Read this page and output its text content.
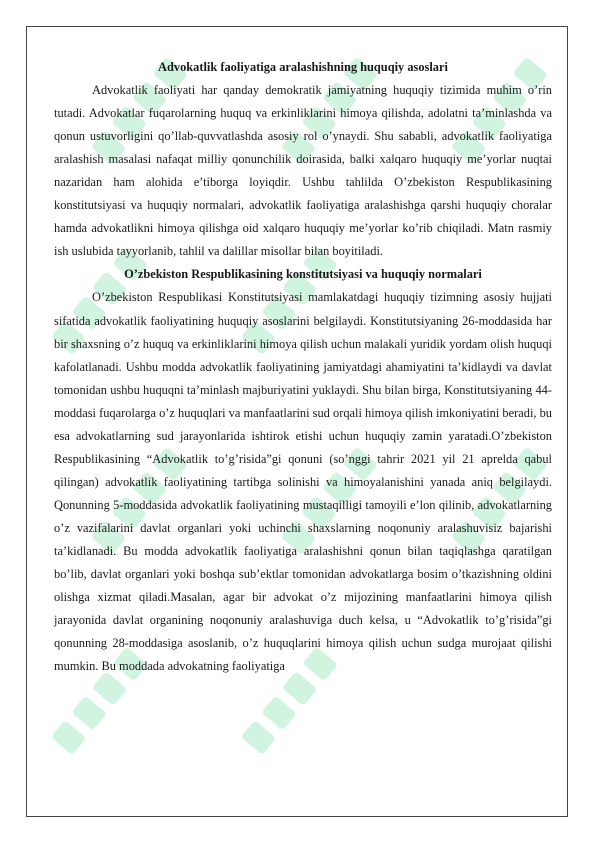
Advokatlik faoliyatiga aralashishning huquqiy asoslari

Advokatlik faoliyati har qanday demokratik jamiyatning huquqiy tizimida muhim o’rin tutadi. Advokatlar fuqarolarning huquq va erkinliklarini himoya qilishda, adolatni ta’minlashda va qonun ustuvorligini qo’llab-quvvatlashda asosiy rol o’ynaydi. Shu sababli, advokatlik faoliyatiga aralashish masalasi nafaqat milliy qonunchilik doirasida, balki xalqaro huquqiy me’yorlar nuqtai nazaridan ham alohida e’tiborga loyiqdir. Ushbu tahlilda O’zbekiston Respublikasining konstitutsiyasi va huquqiy normalari, advokatlik faoliyatiga aralashishga qarshi huquqiy choralar hamda advokatlikni himoya qilishga oid xalqaro huquqiy me’yorlar ko’rib chiqiladi. Matn rasmiy ish uslubida tayyorlanib, tahlil va dalillar misollar bilan boyitiladi.

O’zbekiston Respublikasining konstitutsiyasi va huquqiy normalari

O’zbekiston Respublikasi Konstitutsiyasi mamlakatdagi huquqiy tizimning asosiy hujjati sifatida advokatlik faoliyatining huquqiy asoslarini belgilaydi. Konstitutsiyaning 26-moddasida har bir shaxsning o’z huquq va erkinliklarini himoya qilish uchun malakali yuridik yordam olish huquqi kafolatlanadi. Ushbu modda advokatlik faoliyatining jamiyatdagi ahamiyatini ta’kidlaydi va davlat tomonidan ushbu huquqni ta’minlash majburiyatini yuklaydi. Shu bilan birga, Konstitutsiyaning 44-moddasi fuqarolarga o’z huquqlari va manfaatlarini sud orqali himoya qilish imkoniyatini beradi, bu esa advokatlarning sud jarayonlarida ishtirok etishi uchun huquqiy zamin yaratadi.O’zbekiston Respublikasining “Advokatlik to’g’risida”gi qonuni (so’nggi tahrir 2021 yil 21 aprelda qabul qilingan) advokatlik faoliyatining tartibga solinishi va himoyalanishini yanada aniq belgilaydi. Qonunning 5-moddasida advokatlik faoliyatining mustaqilligi tamoyili e’lon qilinib, advokatlarning o’z vazifalarini davlat organlari yoki uchinchi shaxslarning noqonuniy aralashuvisiz bajarishi ta’kidlanadi. Bu modda advokatlik faoliyatiga aralashishni qonun bilan taqiqlashga qaratilgan bo’lib, davlat organlari yoki boshqa sub’ektlar tomonidan advokatlarga bosim o’tkazishning oldini olishga xizmat qiladi.Masalan, agar bir advokat o’z mijozining manfaatlarini himoya qilish jarayonida davlat organining noqonuniy aralashuviga duch kelsa, u “Advokatlik to’g’risida”gi qonunning 28-moddasiga asoslanib, o’z huquqlarini himoya qilish uchun sudga murojaat qilishi mumkin. Bu moddada advokatning faoliyatiga
